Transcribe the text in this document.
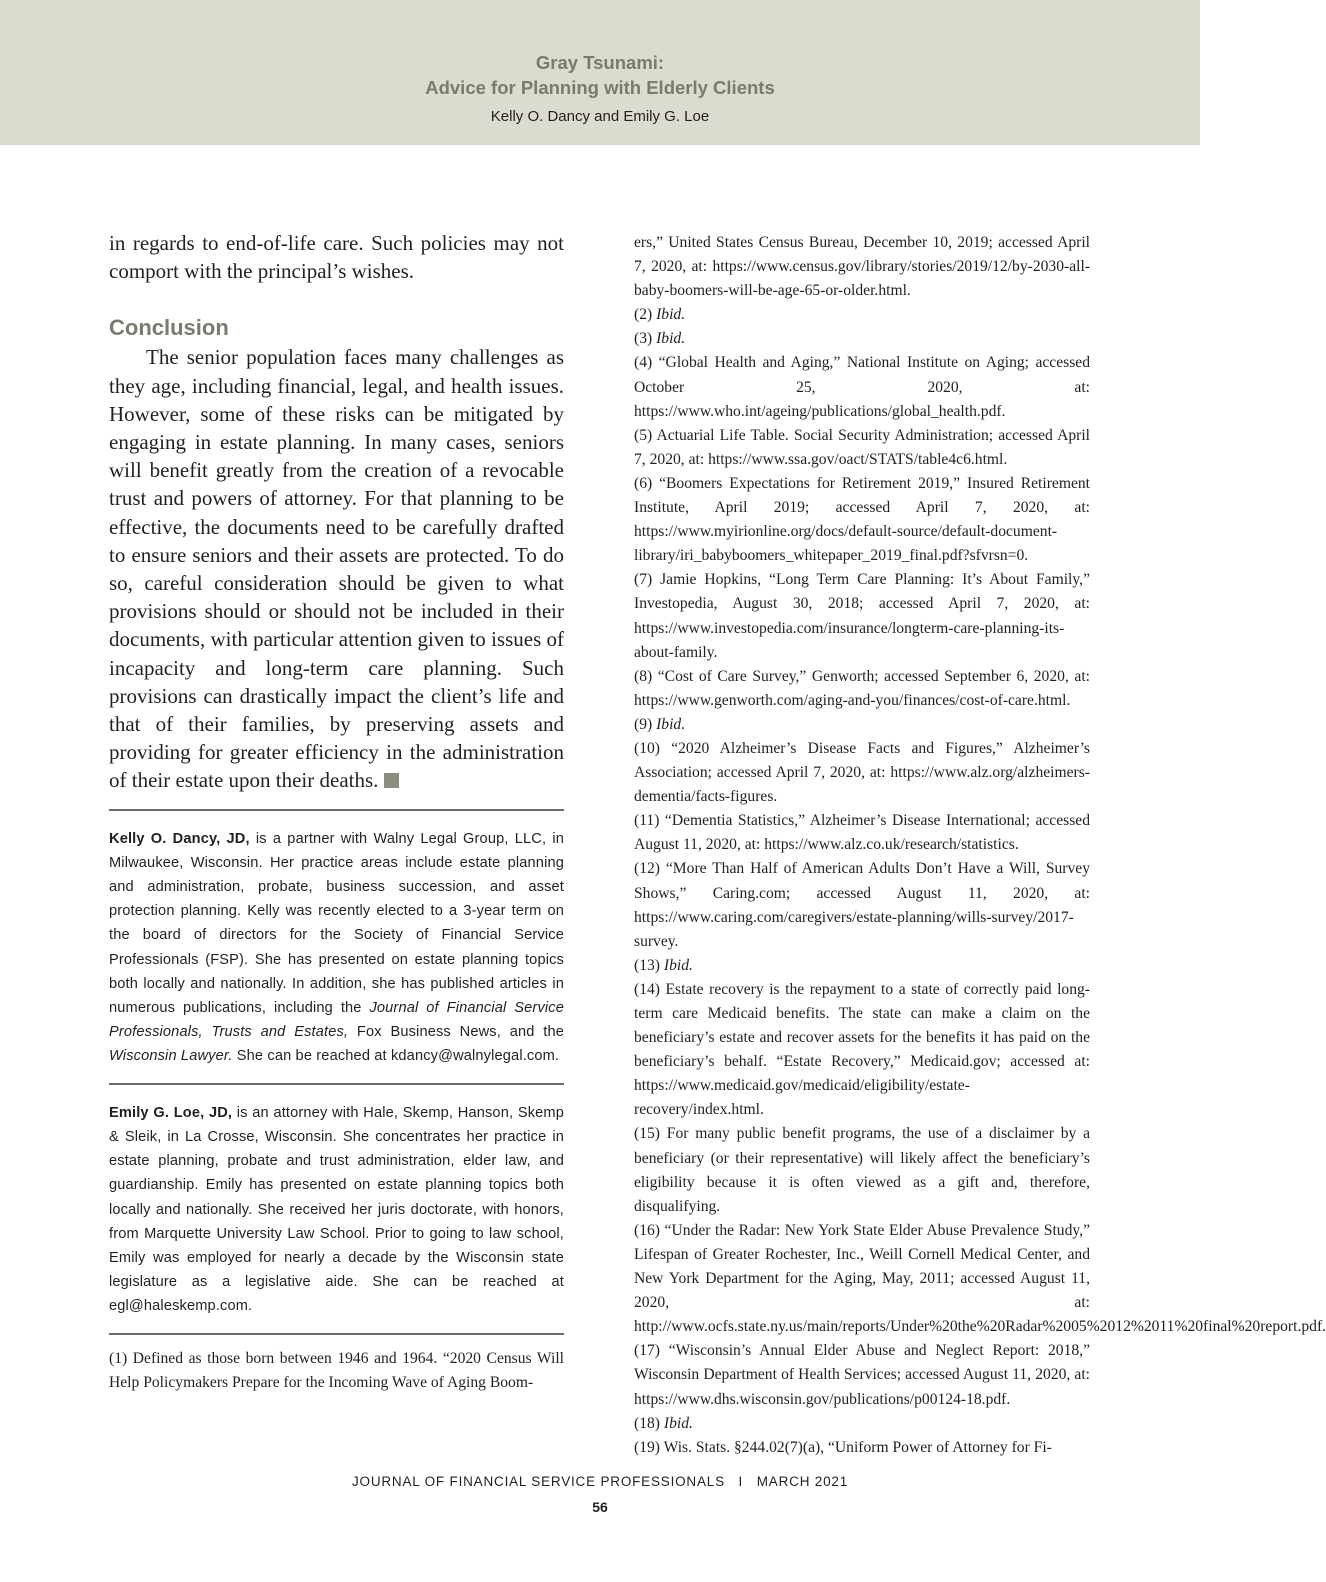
Gray Tsunami:
Advice for Planning with Elderly Clients
Kelly O. Dancy and Emily G. Loe

in regards to end-of-life care. Such policies may not comport with the principal’s wishes.

Conclusion

The senior population faces many challenges as they age, including financial, legal, and health issues. However, some of these risks can be mitigated by engaging in estate planning. In many cases, seniors will benefit greatly from the creation of a revocable trust and powers of attorney. For that planning to be effective, the documents need to be carefully drafted to ensure seniors and their assets are protected. To do so, careful consideration should be given to what provisions should or should not be included in their documents, with particular attention given to issues of incapacity and long-term care planning. Such provisions can drastically impact the client’s life and that of their families, by preserving assets and providing for greater efficiency in the administration of their estate upon their deaths.

Kelly O. Dancy, JD, is a partner with Walny Legal Group, LLC, in Milwaukee, Wisconsin. Her practice areas include estate planning and administration, probate, business succession, and asset protection planning. Kelly was recently elected to a 3-year term on the board of directors for the Society of Financial Service Professionals (FSP). She has presented on estate planning topics both locally and nationally. In addition, she has published articles in numerous publications, including the Journal of Financial Service Professionals, Trusts and Estates, Fox Business News, and the Wisconsin Lawyer. She can be reached at kdancy@walnylegal.com.

Emily G. Loe, JD, is an attorney with Hale, Skemp, Hanson, Skemp & Sleik, in La Crosse, Wisconsin. She concentrates her practice in estate planning, probate and trust administration, elder law, and guardianship. Emily has presented on estate planning topics both locally and nationally. She received her juris doctorate, with honors, from Marquette University Law School. Prior to going to law school, Emily was employed for nearly a decade by the Wisconsin state legislature as a legislative aide. She can be reached at egl@haleskemp.com.

(1) Defined as those born between 1946 and 1964. “2020 Census Will Help Policymakers Prepare for the Incoming Wave of Aging Boom-

ers,” United States Census Bureau, December 10, 2019; accessed April 7, 2020, at: https://www.census.gov/library/stories/2019/12/by-2030-all-baby-boomers-will-be-age-65-or-older.html.

(2) Ibid.

(3) Ibid.

(4) “Global Health and Aging,” National Institute on Aging; accessed October 25, 2020, at: https://www.who.int/ageing/publications/global_health.pdf.

(5) Actuarial Life Table. Social Security Administration; accessed April 7, 2020, at: https://www.ssa.gov/oact/STATS/table4c6.html.

(6) “Boomers Expectations for Retirement 2019,” Insured Retirement Institute, April 2019; accessed April 7, 2020, at: https://www.myirionline.org/docs/default-source/default-document-library/iri_babyboomers_whitepaper_2019_final.pdf?sfvrsn=0.

(7) Jamie Hopkins, “Long Term Care Planning: It’s About Family,” Investopedia, August 30, 2018; accessed April 7, 2020, at: https://www.investopedia.com/insurance/longterm-care-planning-its-about-family.

(8) “Cost of Care Survey,” Genworth; accessed September 6, 2020, at: https://www.genworth.com/aging-and-you/finances/cost-of-care.html.

(9) Ibid.

(10) “2020 Alzheimer’s Disease Facts and Figures,” Alzheimer’s Association; accessed April 7, 2020, at: https://www.alz.org/alzheimers-dementia/facts-figures.

(11) “Dementia Statistics,” Alzheimer’s Disease International; accessed August 11, 2020, at: https://www.alz.co.uk/research/statistics.

(12) “More Than Half of American Adults Don’t Have a Will, Survey Shows,” Caring.com; accessed August 11, 2020, at: https://www.caring.com/caregivers/estate-planning/wills-survey/2017-survey.

(13) Ibid.

(14) Estate recovery is the repayment to a state of correctly paid long-term care Medicaid benefits. The state can make a claim on the beneficiary’s estate and recover assets for the benefits it has paid on the beneficiary’s behalf. “Estate Recovery,” Medicaid.gov; accessed at: https://www.medicaid.gov/medicaid/eligibility/estate-recovery/index.html.

(15) For many public benefit programs, the use of a disclaimer by a beneficiary (or their representative) will likely affect the beneficiary’s eligibility because it is often viewed as a gift and, therefore, disqualifying.

(16) “Under the Radar: New York State Elder Abuse Prevalence Study,” Lifespan of Greater Rochester, Inc., Weill Cornell Medical Center, and New York Department for the Aging, May, 2011; accessed August 11, 2020, at: http://www.ocfs.state.ny.us/main/reports/Under%20the%20Radar%2005%2012%2011%20final%20report.pdf.

(17) “Wisconsin’s Annual Elder Abuse and Neglect Report: 2018,” Wisconsin Department of Health Services; accessed August 11, 2020, at: https://www.dhs.wisconsin.gov/publications/p00124-18.pdf.

(18) Ibid.

(19) Wis. Stats. §244.02(7)(a), “Uniform Power of Attorney for Fi-

JOURNAL OF FINANCIAL SERVICE PROFESSIONALS   I   MARCH 2021
56
